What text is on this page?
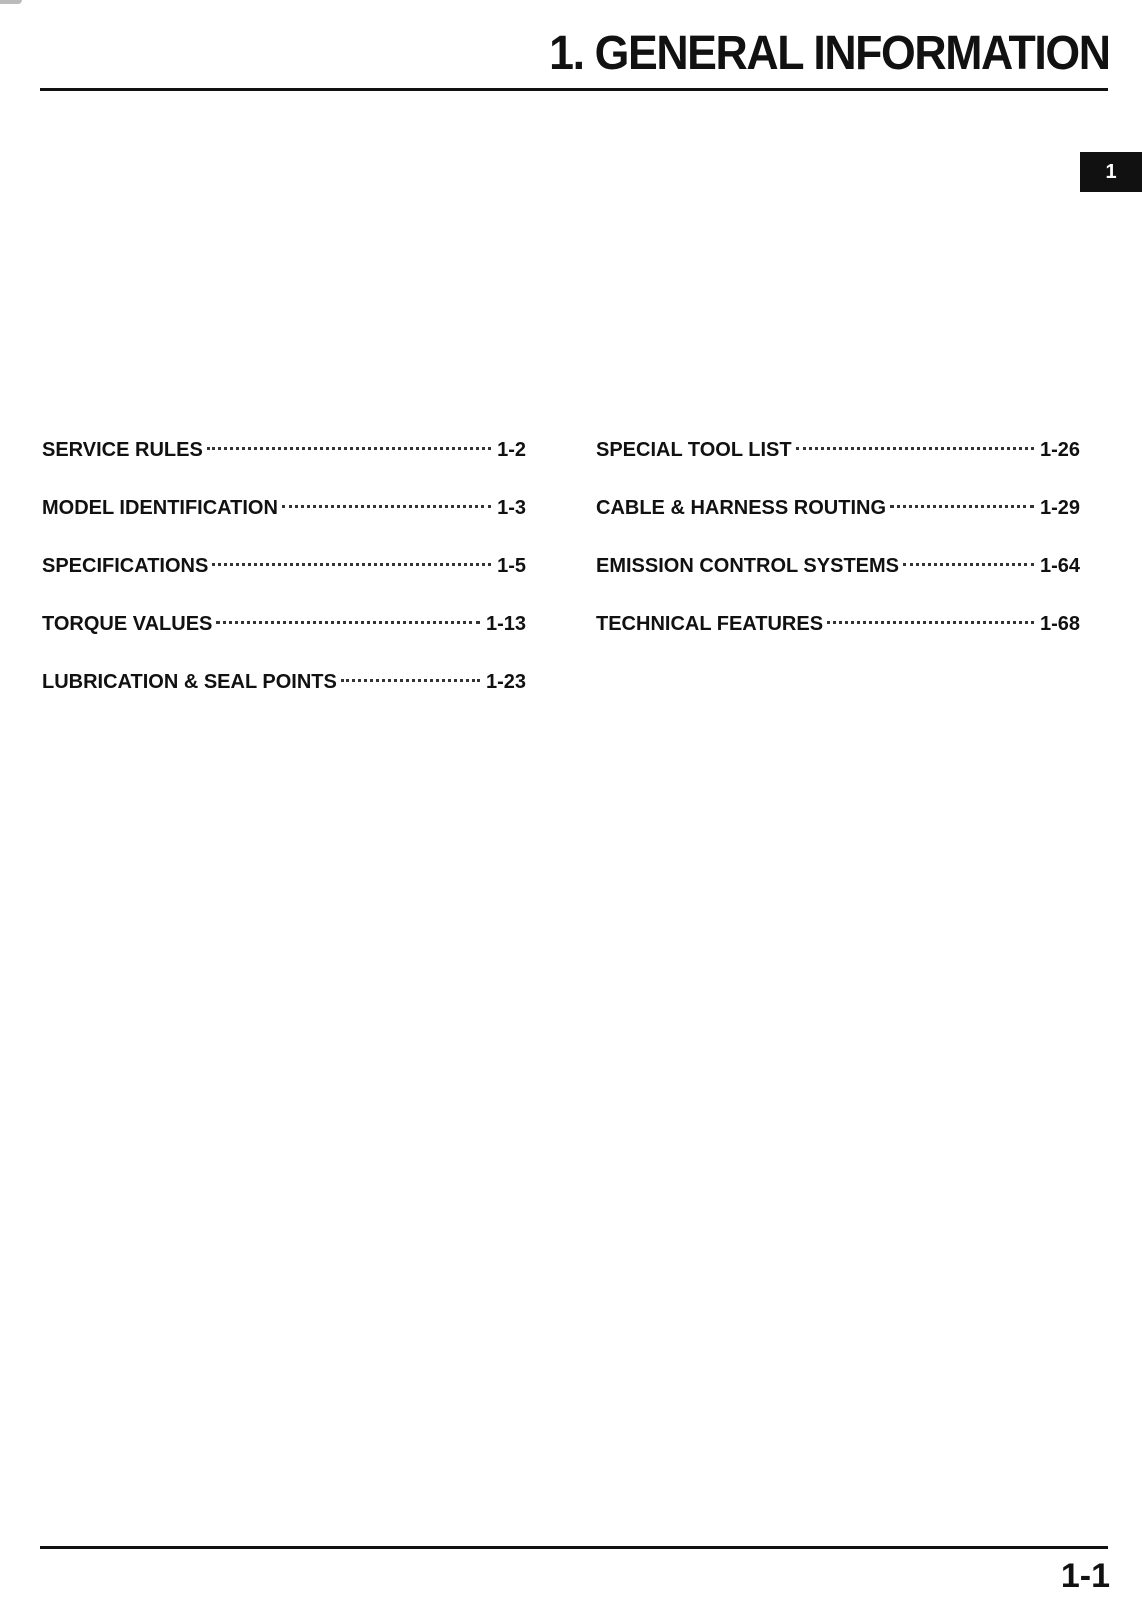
1. GENERAL INFORMATION
1
SERVICE RULES	1-2
MODEL IDENTIFICATION	1-3
SPECIFICATIONS	1-5
TORQUE VALUES	1-13
LUBRICATION & SEAL POINTS	1-23
SPECIAL TOOL LIST	1-26
CABLE & HARNESS ROUTING	1-29
EMISSION CONTROL SYSTEMS	1-64
TECHNICAL FEATURES	1-68
1-1
